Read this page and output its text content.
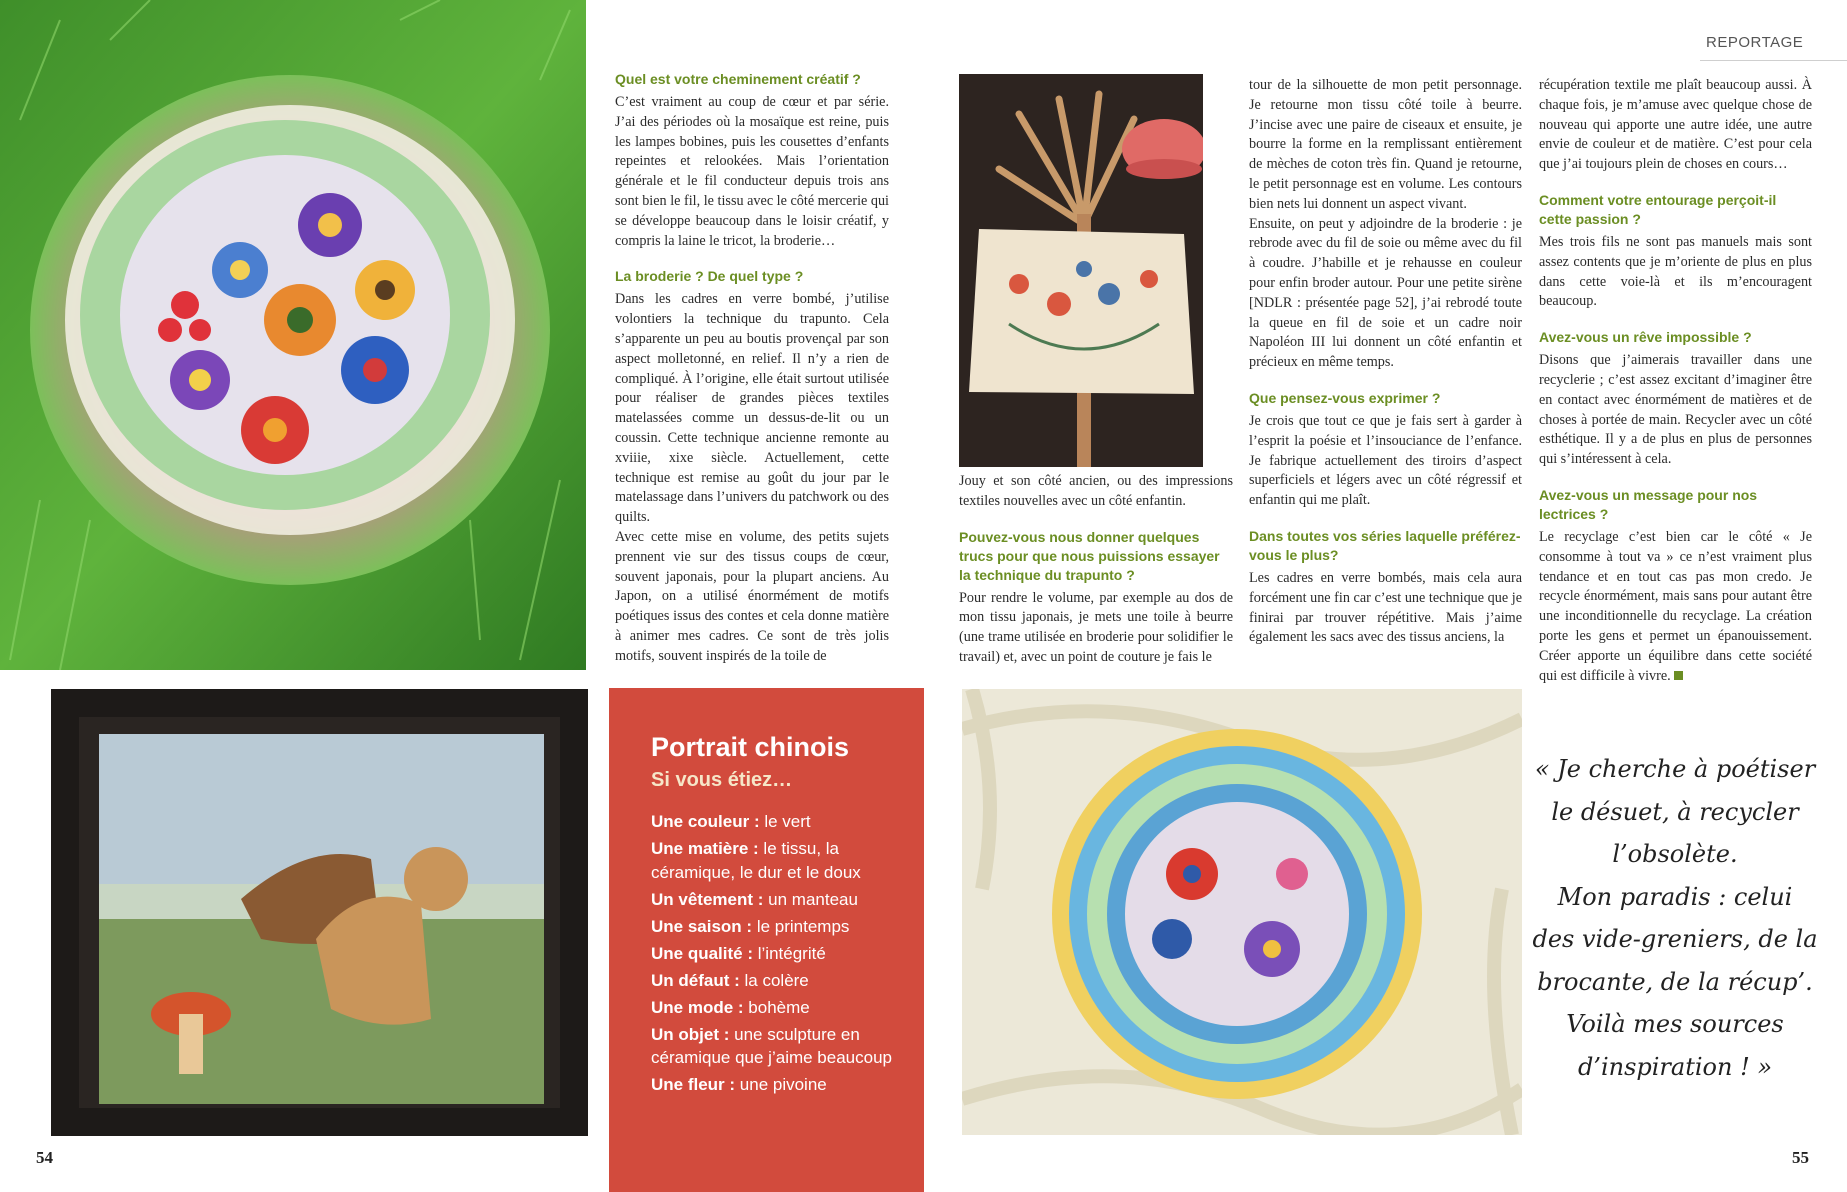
REPORTAGE

Quel est votre cheminement créatif ?

C’est vraiment au coup de cœur et par série. J’ai des périodes où la mosaïque est reine, puis les lampes bobines, puis les cousettes d’enfants repeintes et relookées. Mais l’orientation générale et le fil conducteur depuis trois ans sont bien le fil, le tissu avec le côté mercerie qui se développe beaucoup dans le loisir créatif, y compris la laine le tricot, la broderie…

La broderie ? De quel type ?

Dans les cadres en verre bombé, j’utilise volontiers la technique du trapunto. Cela s’apparente un peu au boutis provençal par son aspect molletonné, en relief. Il n’y a rien de compliqué. À l’origine, elle était surtout utilisée pour réaliser de grandes pièces textiles matelassées comme un dessus-de-lit ou un coussin. Cette technique ancienne remonte au xviiie, xixe siècle. Actuellement, cette technique est remise au goût du jour par le matelassage dans l’univers du patchwork ou des quilts.

Avec cette mise en volume, des petits sujets prennent vie sur des tissus coups de cœur, souvent japonais, pour la plupart anciens. Au Japon, on a utilisé énormément de motifs poétiques issus des contes et cela donne matière à animer mes cadres. Ce sont de très jolis motifs, souvent inspirés de la toile de

Jouy et son côté ancien, ou des impressions textiles nouvelles avec un côté enfantin.

Pouvez-vous nous donner quelques trucs pour que nous puissions essayer la technique du trapunto ?

Pour rendre le volume, par exemple au dos de mon tissu japonais, je mets une toile à beurre (une trame utilisée en broderie pour solidifier le travail) et, avec un point de couture je fais le

tour de la silhouette de mon petit personnage. Je retourne mon tissu côté toile à beurre. J’incise avec une paire de ciseaux et ensuite, je bourre la forme en la remplissant entièrement de mèches de coton très fin. Quand je retourne, le petit personnage est en volume. Les contours bien nets lui donnent un aspect vivant.

Ensuite, on peut y adjoindre de la broderie : je rebrode avec du fil de soie ou même avec du fil à coudre. J’habille et je rehausse en couleur pour enfin broder autour. Pour une petite sirène [NDLR : présentée page 52], j’ai rebrodé toute la queue en fil de soie et un cadre noir Napoléon III lui donnent un côté enfantin et précieux en même temps.

Que pensez-vous exprimer ?

Je crois que tout ce que je fais sert à garder à l’esprit la poésie et l’insouciance de l’enfance. Je fabrique actuellement des tiroirs d’aspect superficiels et légers avec un côté régressif et enfantin qui me plaît.

Dans toutes vos séries laquelle préférez-vous le plus?

Les cadres en verre bombés, mais cela aura forcément une fin car c’est une technique que je finirai par trouver répétitive. Mais j’aime également les sacs avec des tissus anciens, la

récupération textile me plaît beaucoup aussi. À chaque fois, je m’amuse avec quelque chose de nouveau qui apporte une autre idée, une autre envie de couleur et de matière. C’est pour cela que j’ai toujours plein de choses en cours…

Comment votre entourage perçoit-il cette passion ?

Mes trois fils ne sont pas manuels mais sont assez contents que je m’oriente de plus en plus dans cette voie-là et ils m’encouragent beaucoup.

Avez-vous un rêve impossible ?

Disons que j’aimerais travailler dans une recyclerie ; c’est assez excitant d’imaginer être en contact avec énormément de matières et de choses à portée de main. Recycler avec un côté esthétique. Il y a de plus en plus de personnes qui s’intéressent à cela.

Avez-vous un message pour nos lectrices ?

Le recyclage c’est bien car le côté « Je consomme à tout va » ce n’est vraiment plus tendance et en tout cas pas mon credo. Je recycle énormément, mais sans pour autant être une inconditionnelle du recyclage. La création porte les gens et permet un épanouissement. Créer apporte un équilibre dans cette société qui est difficile à vivre.

Portrait chinois
Si vous étiez…
Une couleur : le vert
Une matière : le tissu, la céramique, le dur et le doux
Un vêtement : un manteau
Une saison : le printemps
Une qualité : l’intégrité
Un défaut : la colère
Une mode : bohème
Un objet : une sculpture en céramique que j’aime beaucoup
Une fleur : une pivoine
« Je cherche à poétiser
le désuet, à recycler
l’obsolète.
Mon paradis : celui
des vide-greniers, de la
brocante, de la récup’.
Voilà mes sources
d’inspiration ! »
54	55
